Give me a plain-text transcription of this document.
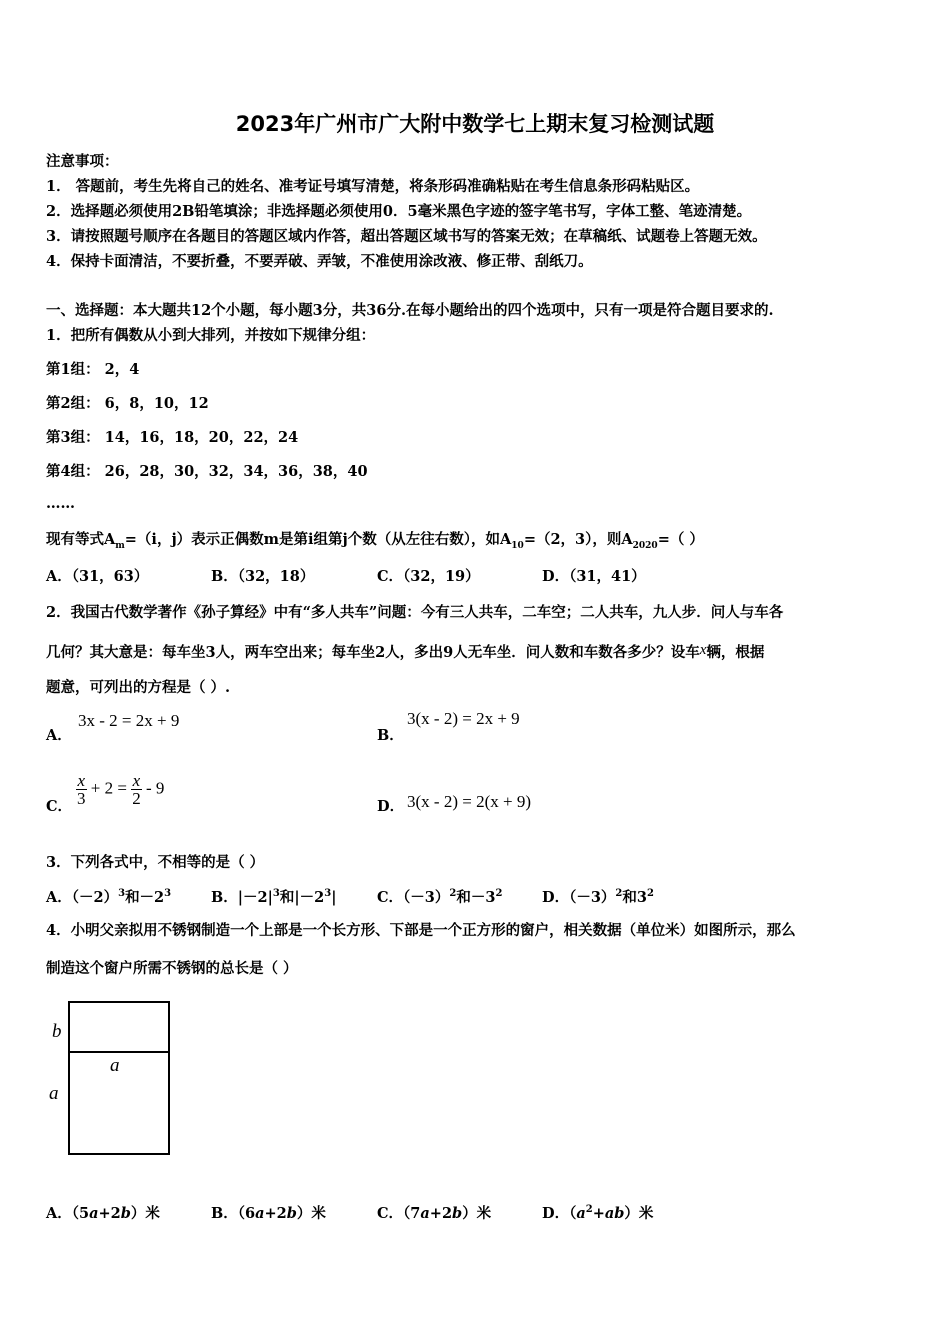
2023年广州市广大附中数学七上期末复习检测试题
注意事项：
1． 答题前，考生先将自己的姓名、准考证号填写清楚，将条形码准确粘贴在考生信息条形码粘贴区。
2．选择题必须使用2B铅笔填涂；非选择题必须使用0．5毫米黑色字迹的签字笔书写，字体工整、笔迹清楚。
3．请按照题号顺序在各题目的答题区域内作答，超出答题区域书写的答案无效；在草稿纸、试题卷上答题无效。
4．保持卡面清洁，不要折叠，不要弄破、弄皱，不准使用涂改液、修正带、刮纸刀。
一、选择题：本大题共12个小题，每小题3分，共36分.在每小题给出的四个选项中，只有一项是符合题目要求的.
1．把所有偶数从小到大排列，并按如下规律分组：
第1组： 2，4
第2组： 6，8，10，12
第3组： 14，16，18，20，22，24
第4组： 26，28，30，32，34，36，38，40
……
现有等式$A_m=(i$，j）表示正偶数m是第i组第j个数（从左往右数），如$A_{10}=(2$，3），则$A_{2020}=$（ ）
A．（31，63）	B．（32，18）	C．（32，19）	D．（31，41）
2．我国古代数学著作《孙子算经》中有“多人共车”问题：今有三人共车，二车空；二人共车，九人步．问人与车各
几何？其大意是：每车坐3人，两车空出来；每车坐2人，多出9人无车坐．问人数和车数各多少？设车x辆，根据
题意，可列出的方程是（ ）.
A．
3x - 2 = 2x + 9
B．
3(x - 2) = 2x + 9
C． $\frac{x}{3} + 2 = \frac{x}{2} - 9$
D． 3(x - 2) = 2(x + 9)
3．下列各式中，不相等的是（ ）
A．$(-2)^3$和$-2^3$	B．$|-2|^3$和$|-2^3|$	C．$(-3)^2$和$-3^2$	D．$(-3)^2$和$3^2$
4．小明父亲拟用不锈钢制造一个上部是一个长方形、下部是一个正方形的窗户，相关数据（单位米）如图所示，那么
制造这个窗户所需不锈钢的总长是（ ）
b
a
a
A．（5a+2b）米	B．（6a+2b）米	C．（7a+2b）米	D．$(a^2+ab)$米
